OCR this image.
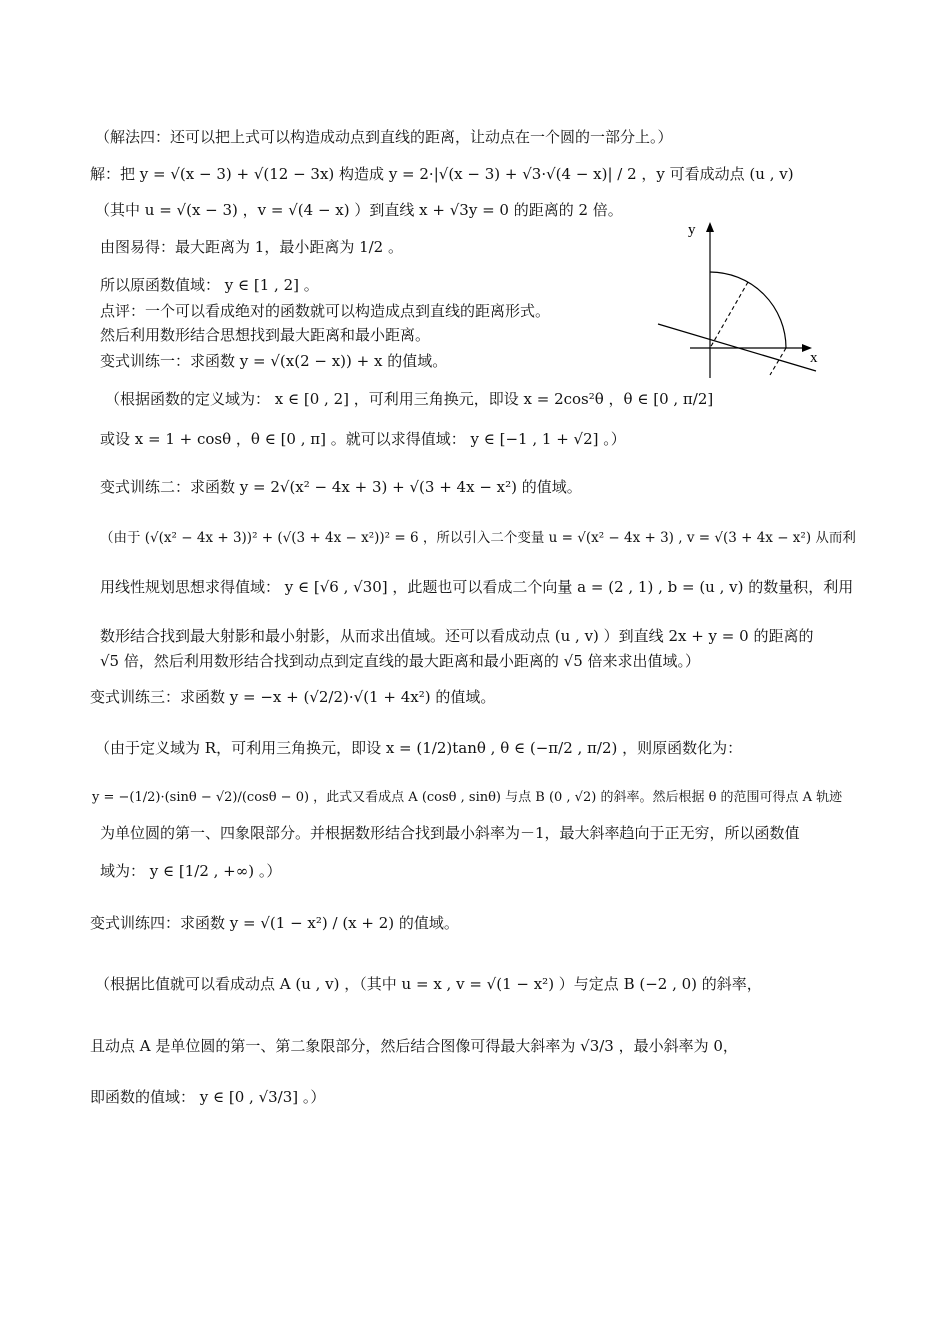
（解法四：还可以把上式可以构造成动点到直线的距离，让动点在一个圆的一部分上。）
解：把 y = √(x − 3) + √(12 − 3x) 构造成 y = 2·|√(x − 3) + √3·√(4 − x)| / 2 ，y 可看成动点 (u , v)
（其中 u = √(x − 3) ，v = √(4 − x) ）到直线 x + √3y = 0 的距离的 2 倍。
由图易得：最大距离为 1，最小距离为 1/2 。
所以原函数值域： y ∈ [1 , 2] 。
点评：一个可以看成绝对的函数就可以构造成点到直线的距离形式。
然后利用数形结合思想找到最大距离和最小距离。
变式训练一：求函数 y = √(x(2 − x)) + x 的值域。
（根据函数的定义域为： x ∈ [0 , 2] ，可利用三角换元，即设 x = 2cos²θ ，θ ∈ [0 , π/2]
或设 x = 1 + cosθ ，θ ∈ [0 , π] 。就可以求得值域： y ∈ [−1 , 1 + √2] 。）
变式训练二：求函数 y = 2√(x² − 4x + 3) + √(3 + 4x − x²) 的值域。
（由于 (√(x² − 4x + 3))² + (√(3 + 4x − x²))² = 6 ，所以引入二个变量 u = √(x² − 4x + 3) , v = √(3 + 4x − x²) 从而利
用线性规划思想求得值域： y ∈ [√6 , √30] ，此题也可以看成二个向量 a = (2 , 1) , b = (u , v) 的数量积，利用
数形结合找到最大射影和最小射影，从而求出值域。还可以看成动点 (u , v) ）到直线 2x + y = 0 的距离的
√5 倍，然后利用数形结合找到动点到定直线的最大距离和最小距离的 √5 倍来求出值域。）
变式训练三：求函数 y = −x + (√2/2)·√(1 + 4x²) 的值域。
（由于定义域为 R，可利用三角换元，即设 x = (1/2)tanθ , θ ∈ (−π/2 , π/2) ，则原函数化为：
y = −(1/2)·(sinθ − √2)/(cosθ − 0) ，此式又看成点 A (cosθ , sinθ) 与点 B (0 , √2) 的斜率。然后根据 θ 的范围可得点 A 轨迹
为单位圆的第一、四象限部分。并根据数形结合找到最小斜率为－1，最大斜率趋向于正无穷，所以函数值
域为： y ∈ [1/2 , +∞) 。）
变式训练四：求函数 y = √(1 − x²) / (x + 2) 的值域。
（根据比值就可以看成动点 A (u , v) ，（其中 u = x , v = √(1 − x²) ）与定点 B (−2 , 0) 的斜率，
且动点 A 是单位圆的第一、第二象限部分，然后结合图像可得最大斜率为 √3/3 ，最小斜率为 0，
即函数的值域： y ∈ [0 , √3/3] 。）
y
x
